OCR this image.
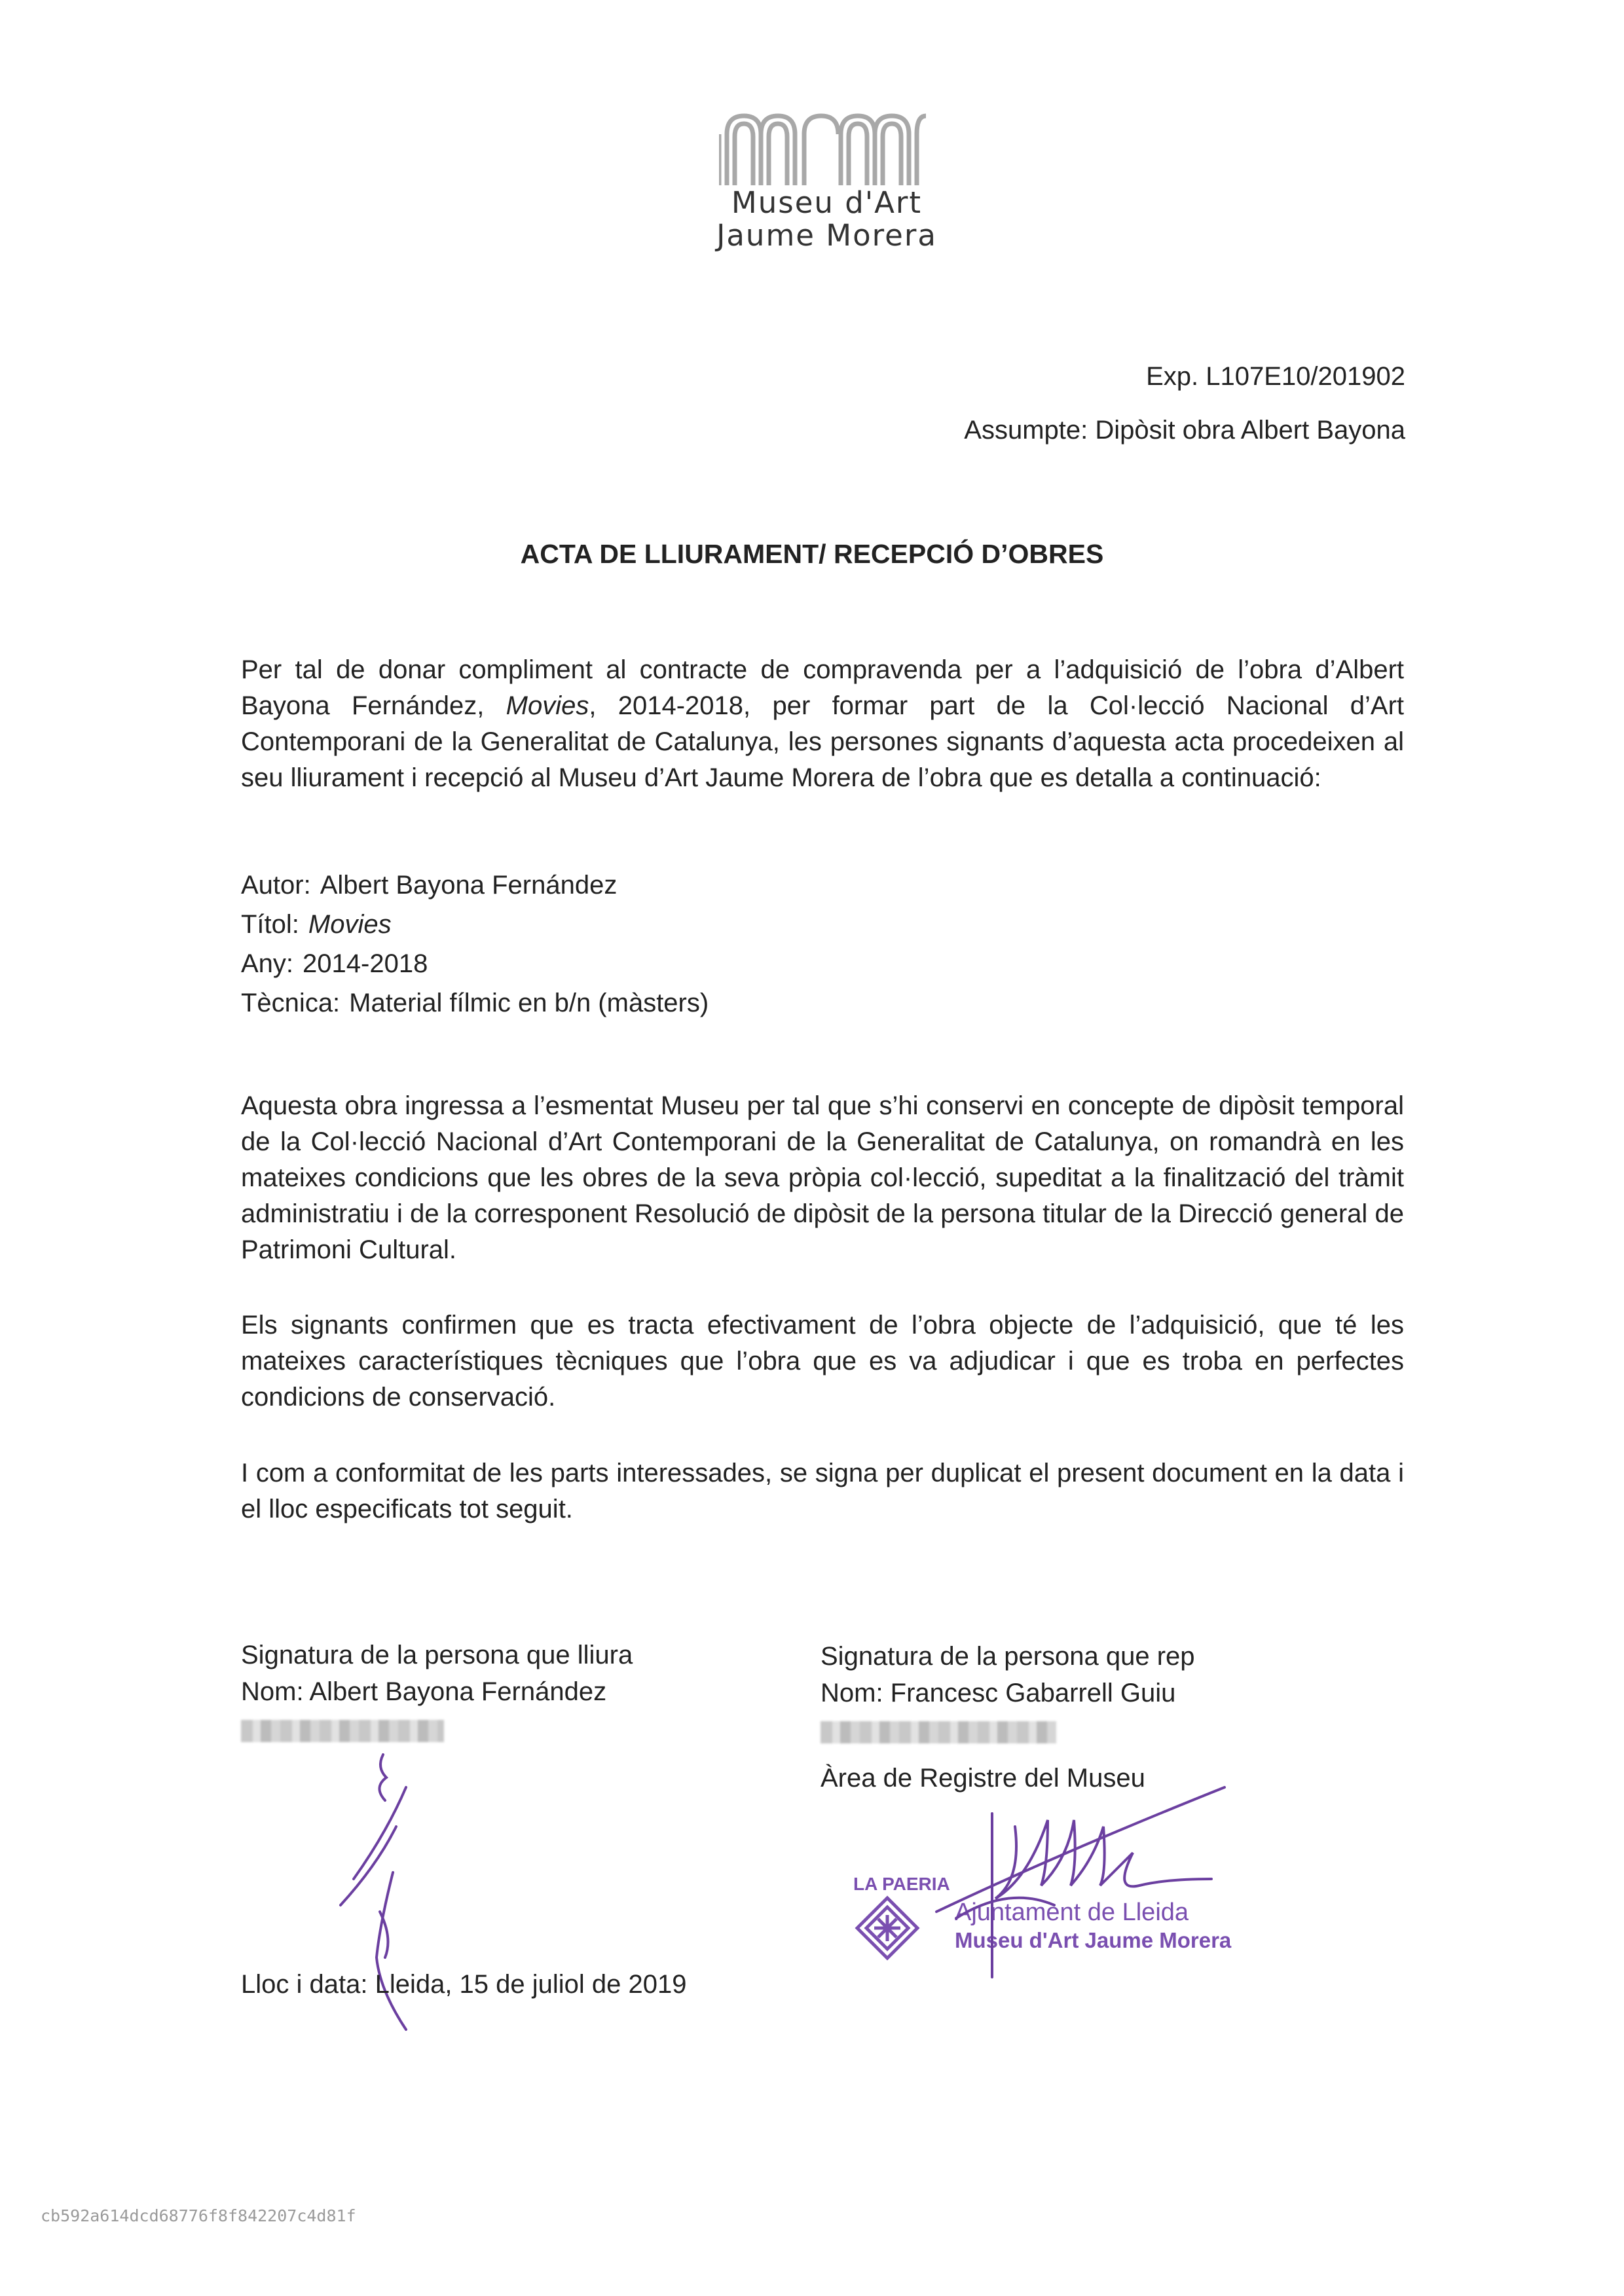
Museu d'Art
Jaume Morera
Exp. L107E10/201902
Assumpte: Dipòsit obra Albert Bayona
ACTA DE LLIURAMENT/ RECEPCIÓ D’OBRES
Per tal de donar compliment al contracte de compravenda per a l’adquisició de l’obra d’Albert Bayona Fernández, Movies, 2014-2018, per formar part de la Col·lecció Nacional d’Art Contemporani de la Generalitat de Catalunya, les persones signants d’aquesta acta procedeixen al seu lliurament i recepció al Museu d’Art Jaume Morera de l’obra que es detalla a continuació:
Autor: Albert Bayona Fernández
Títol: Movies
Any: 2014-2018
Tècnica: Material fílmic en b/n (màsters)
Aquesta obra ingressa a l’esmentat Museu per tal que s’hi conservi en concepte de dipòsit temporal de la Col·lecció Nacional d’Art Contemporani de la Generalitat de Catalunya, on romandrà en les mateixes condicions que les obres de la seva pròpia col·lecció, supeditat a la finalització del tràmit administratiu i de la corresponent Resolució de dipòsit de la persona titular de la Direcció general de Patrimoni Cultural.
Els signants confirmen que es tracta efectivament de l’obra objecte de l’adquisició, que té les mateixes característiques tècniques que l’obra que es va adjudicar i que es troba en perfectes condicions de conservació.
I com a conformitat de les parts interessades, se signa per duplicat el present document en la data i el lloc especificats tot seguit.
Signatura de la persona que lliura
Nom: Albert Bayona Fernández
Signatura de la persona que rep
Nom: Francesc Gabarrell Guiu
Àrea de Registre del Museu
LA PAERIA
Ajuntament de Lleida
Museu d'Art Jaume Morera
Lloc i data: Lleida, 15 de juliol de 2019
cb592a614dcd68776f8f842207c4d81f
